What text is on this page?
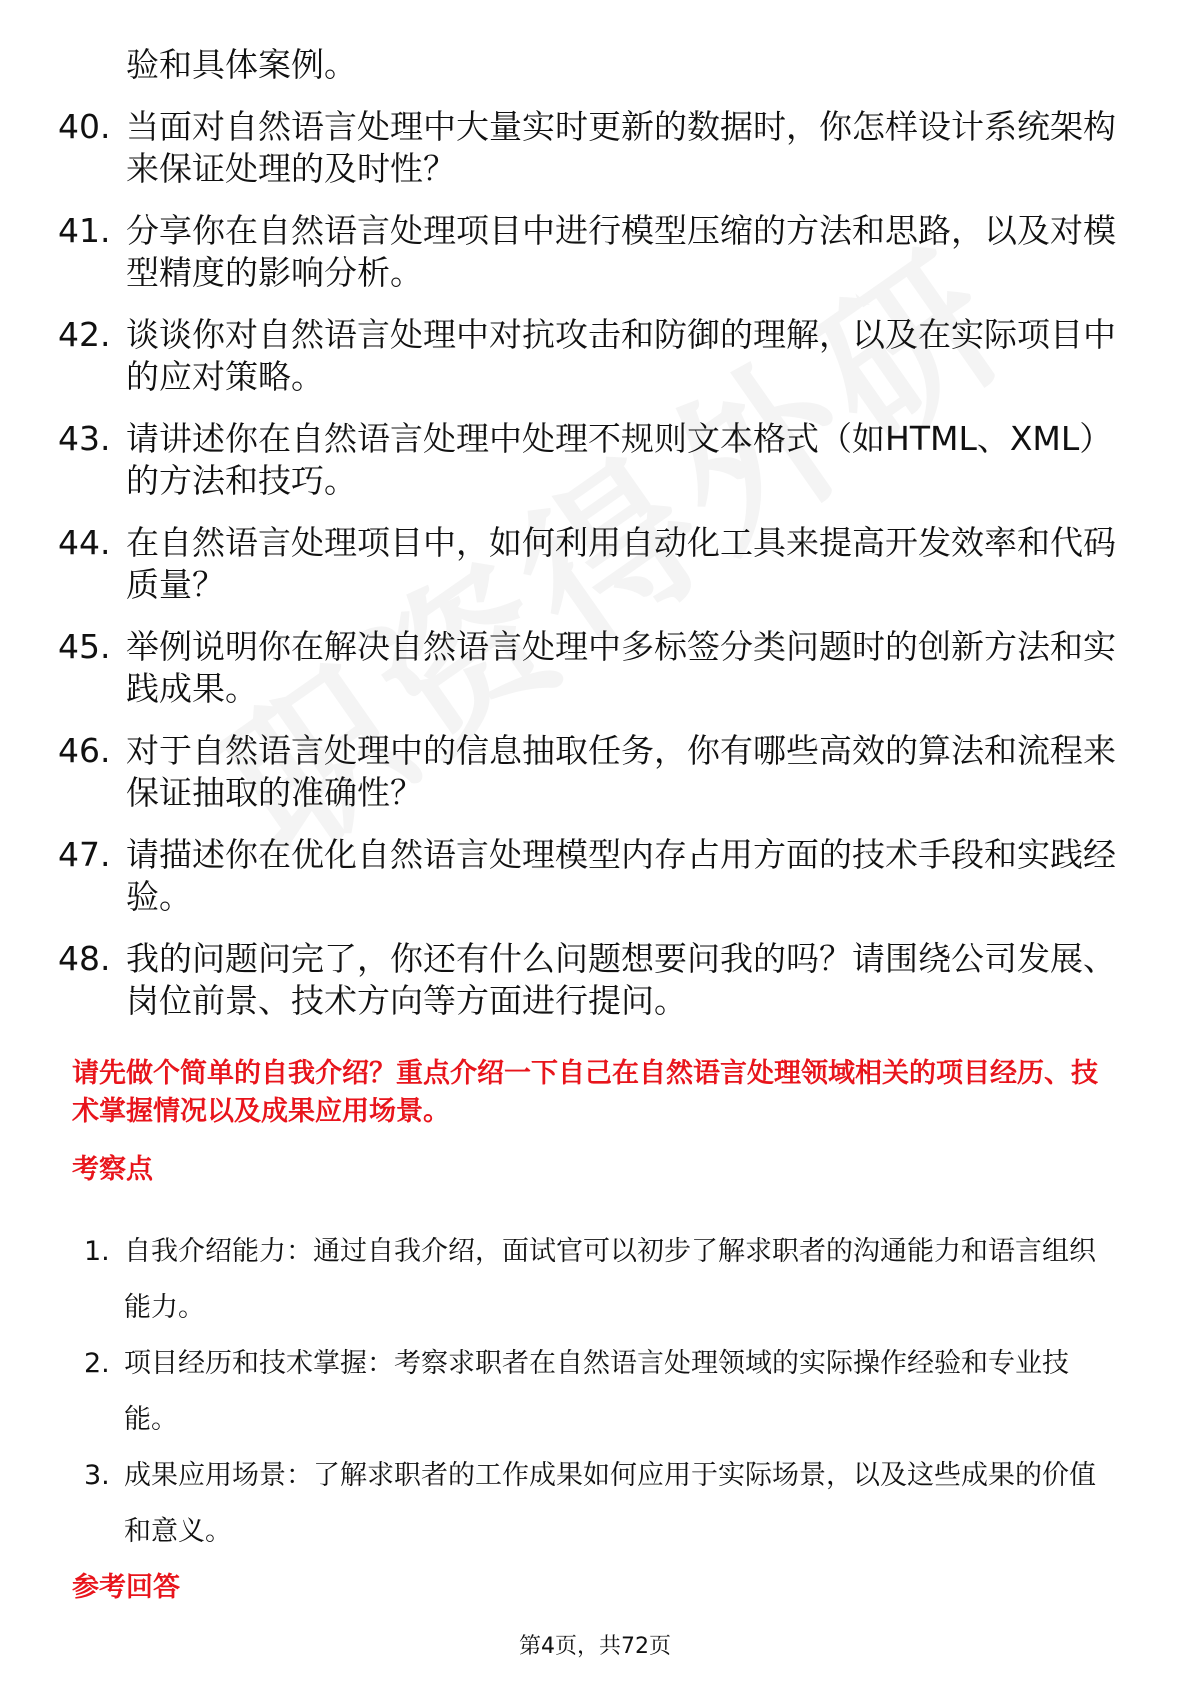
验和具体案例。
40. 当面对自然语言处理中大量实时更新的数据时，你怎样设计系统架构来保证处理的及时性？
41. 分享你在自然语言处理项目中进行模型压缩的方法和思路，以及对模型精度的影响分析。
42. 谈谈你对自然语言处理中对抗攻击和防御的理解，以及在实际项目中的应对策略。
43. 请讲述你在自然语言处理中处理不规则文本格式（如HTML、XML）的方法和技巧。
44. 在自然语言处理项目中，如何利用自动化工具来提高开发效率和代码质量？
45. 举例说明你在解决自然语言处理中多标签分类问题时的创新方法和实践成果。
46. 对于自然语言处理中的信息抽取任务，你有哪些高效的算法和流程来保证抽取的准确性？
47. 请描述你在优化自然语言处理模型内存占用方面的技术手段和实践经验。
48. 我的问题问完了，你还有什么问题想要问我的吗？请围绕公司发展、岗位前景、技术方向等方面进行提问。
请先做个简单的自我介绍？重点介绍一下自己在自然语言处理领域相关的项目经历、技术掌握情况以及成果应用场景。
考察点
1. 自我介绍能力：通过自我介绍，面试官可以初步了解求职者的沟通能力和语言组织能力。
2. 项目经历和技术掌握：考察求职者在自然语言处理领域的实际操作经验和专业技能。
3. 成果应用场景：了解求职者的工作成果如何应用于实际场景，以及这些成果的价值和意义。
参考回答
第4页，共72页
